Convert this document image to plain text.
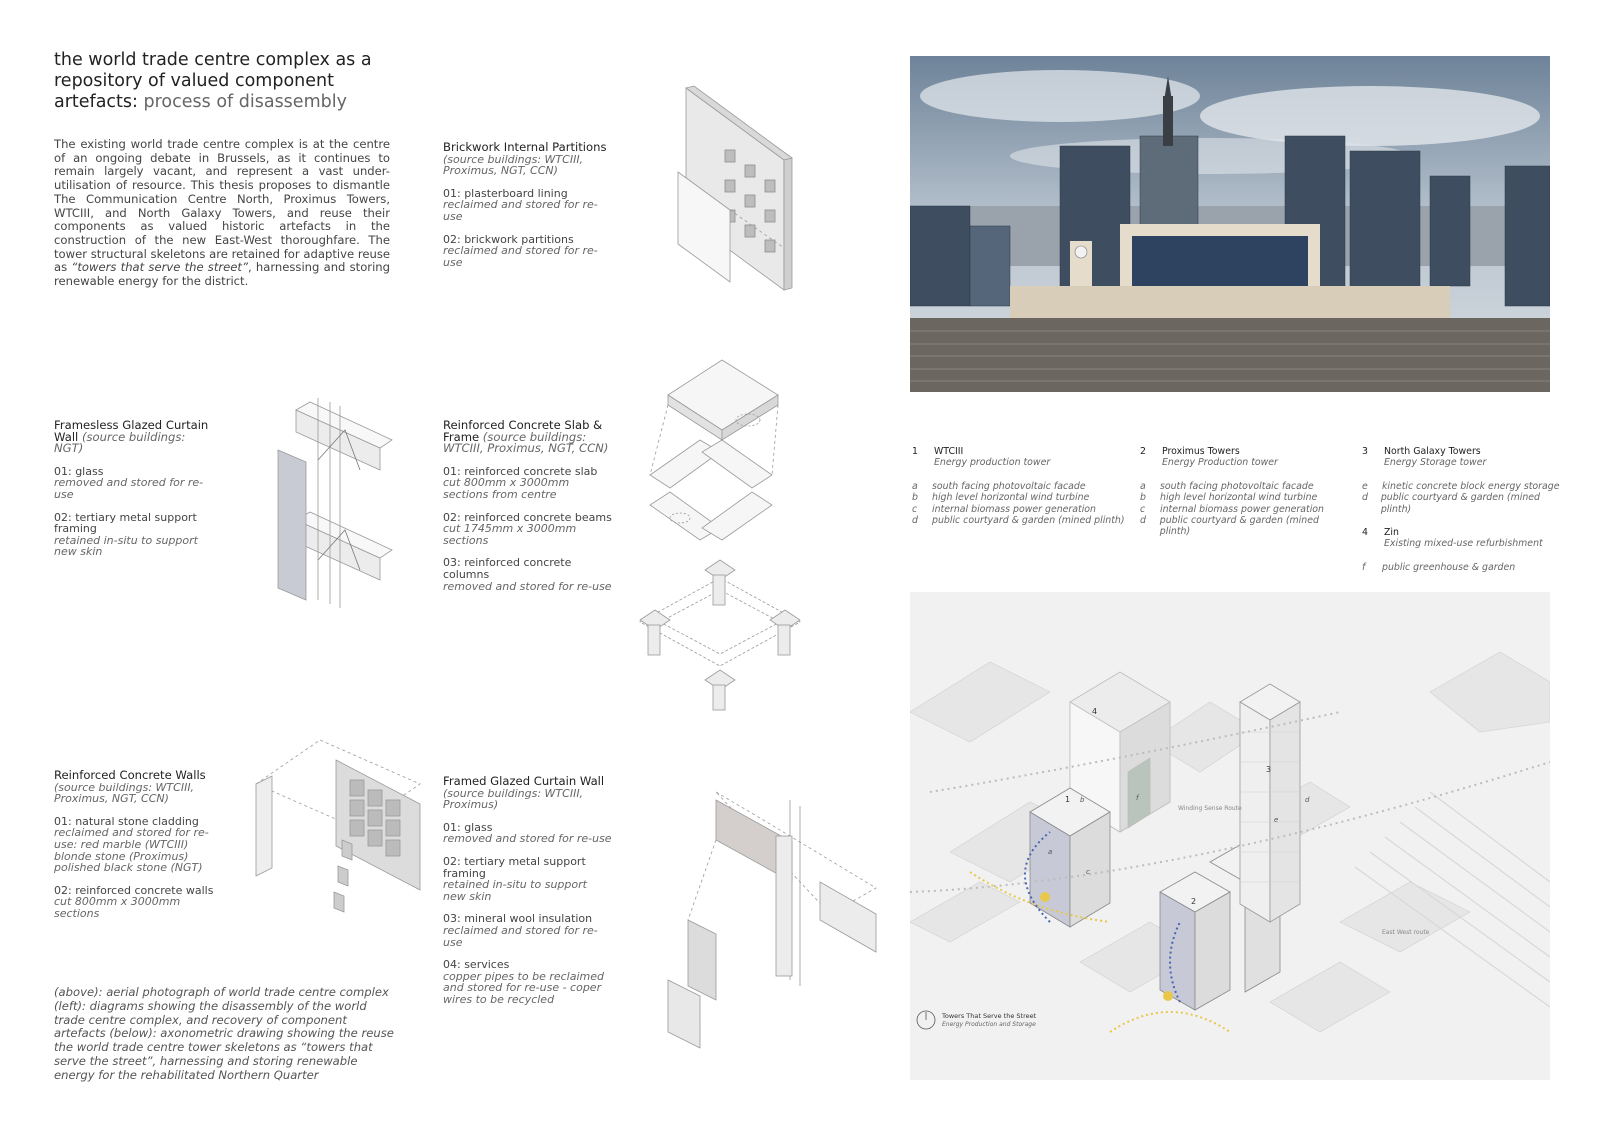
the world trade centre complex as a repository of valued component artefacts: process of disassembly
The existing world trade centre complex is at the centre of an ongoing debate in Brussels, as it continues to remain largely vacant, and represent a vast under-utilisation of resource. This thesis proposes to dismantle The Communication Centre North, Proximus Towers, WTCIII, and North Galaxy Towers, and reuse their components as valued historic artefacts in the construction of the new East-West thoroughfare. The tower structural skeletons are retained for adaptive reuse as “towers that serve the street”, harnessing and storing renewable energy for the district.
Brickwork Internal Partitions
(source buildings: WTCIII, Proximus, NGT, CCN)
01: plasterboard lining
reclaimed and stored for re-use
02: brickwork partitions
reclaimed and stored for re-use
Framesless Glazed Curtain Wall (source buildings: NGT)
01: glass
removed and stored for re-use
02: tertiary metal support framing
retained in-situ to support new skin
Reinforced Concrete Slab & Frame (source buildings: WTCIII, Proximus, NGT, CCN)
01: reinforced concrete slab
cut 800mm x 3000mm sections from centre
02: reinforced concrete beams
cut 1745mm x 3000mm sections
03: reinforced concrete columns
removed and stored for re-use
Reinforced Concrete Walls
(source buildings: WTCIII, Proximus, NGT, CCN)
01: natural stone cladding
reclaimed and stored for re-use: red marble (WTCIII) blonde stone (Proximus) polished black stone (NGT)
02: reinforced concrete walls
cut 800mm x 3000mm sections
Framed Glazed Curtain Wall
(source buildings: WTCIII, Proximus)
01: glass
removed and stored for re-use
02: tertiary metal support framing
retained in-situ to support new skin
03: mineral wool insulation
reclaimed and stored for re-use
04: services
copper pipes to be reclaimed and stored for re-use - coper wires to be recycled
(above): aerial photograph of world trade centre complex (left): diagrams showing the disassembly of the world trade centre complex, and recovery of component artefacts (below): axonometric drawing showing the reuse the world trade centre tower skeletons as “towers that serve the street”, harnessing and storing renewable energy for the rehabilitated Northern Quarter
1	WTCIII
Energy production tower
a	south facing photovoltaic facade
b	high level horizontal wind turbine
c	internal biomass power generation
d	public courtyard & garden (mined plinth)
2	Proximus Towers
Energy Production tower
a	south facing photovoltaic facade
b	high level horizontal wind turbine
c	internal biomass power generation
d	public courtyard & garden (mined plinth)
3	North Galaxy Towers
Energy Storage tower
e	kinetic concrete block energy storage
d	public courtyard & garden (mined plinth)
4	Zin
Existing mixed-use refurbishment
f	public greenhouse & garden
1
2
3
4
a
b
c
d
e
f
Winding Sense Route
East West route
Towers That Serve the Street
Energy Production and Storage
